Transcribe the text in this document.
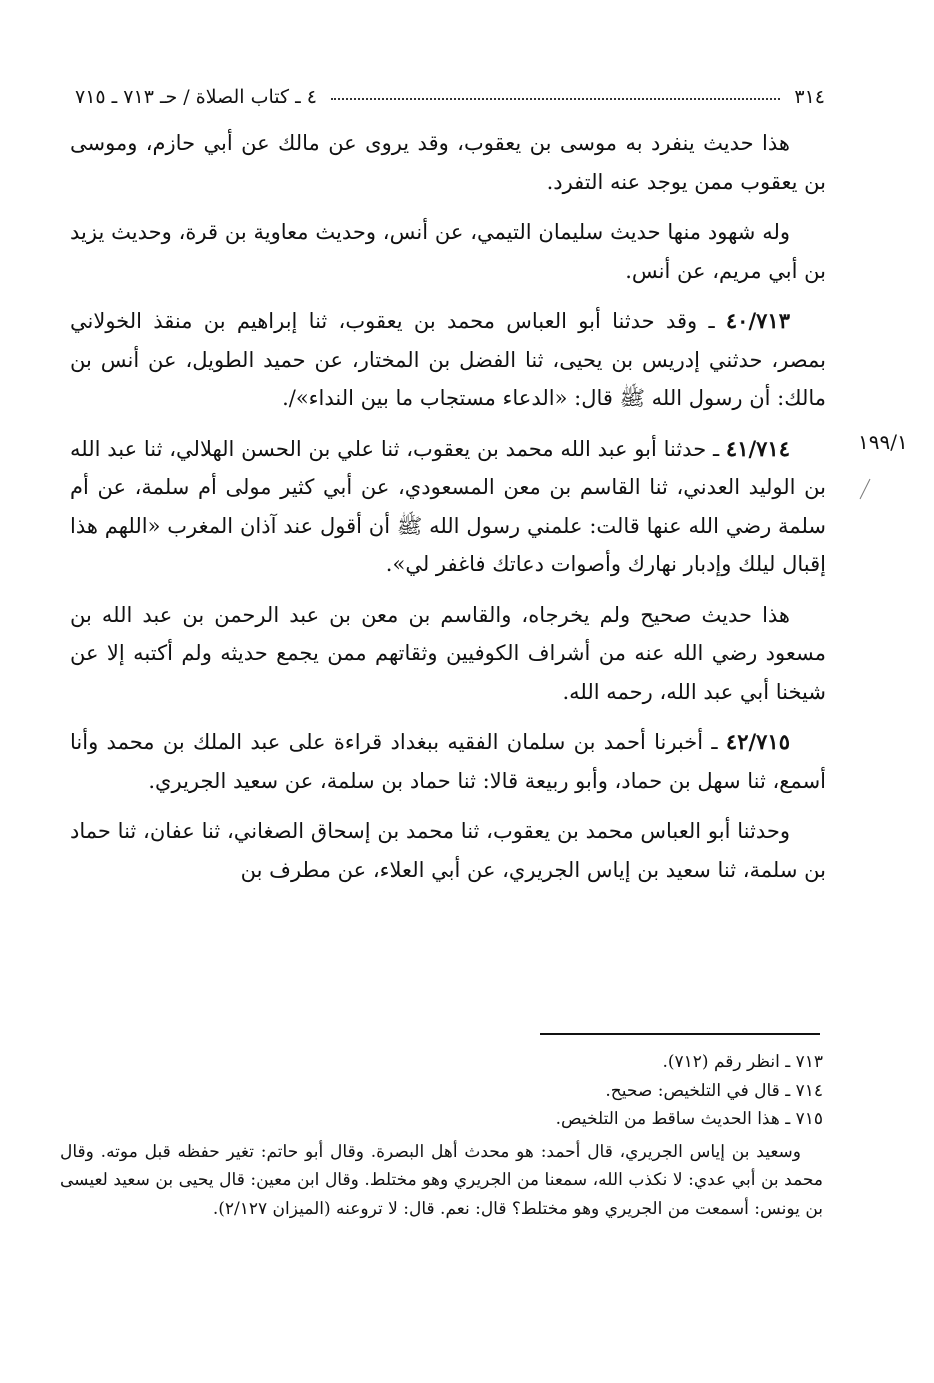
٣١٤
٤ ـ كتاب الصلاة / حـ ٧١٣ ـ ٧١٥

هذا حديث ينفرد به موسى بن يعقوب، وقد يروى عن مالك عن أبي حازم، وموسى بن يعقوب ممن يوجد عنه التفرد.

وله شهود منها حديث سليمان التيمي، عن أنس، وحديث معاوية بن قرة، وحديث يزيد بن أبي مريم، عن أنس.

٤٠/٧١٣ ـ وقد حدثنا أبو العباس محمد بن يعقوب، ثنا إبراهيم بن منقذ الخولاني بمصر، حدثني إدريس بن يحيى، ثنا الفضل بن المختار، عن حميد الطويل، عن أنس بن مالك: أن رسول الله ﷺ قال: «الدعاء مستجاب ما بين النداء»/.

٤١/٧١٤ ـ حدثنا أبو عبد الله محمد بن يعقوب، ثنا علي بن الحسن الهلالي، ثنا عبد الله بن الوليد العدني، ثنا القاسم بن معن المسعودي، عن أبي كثير مولى أم سلمة، عن أم سلمة رضي الله عنها قالت: علمني رسول الله ﷺ أن أقول عند آذان المغرب «اللهم هذا إقبال ليلك وإدبار نهارك وأصوات دعاتك فاغفر لي».

هذا حديث صحيح ولم يخرجاه، والقاسم بن معن بن عبد الرحمن بن عبد الله بن مسعود رضي الله عنه من أشراف الكوفيين وثقاتهم ممن يجمع حديثه ولم أكتبه إلا عن شيخنا أبي عبد الله، رحمه الله.

٤٢/٧١٥ ـ أخبرنا أحمد بن سلمان الفقيه ببغداد قراءة على عبد الملك بن محمد وأنا أسمع، ثنا سهل بن حماد، وأبو ربيعة قالا: ثنا حماد بن سلمة، عن سعيد الجريري.

وحدثنا أبو العباس محمد بن يعقوب، ثنا محمد بن إسحاق الصغاني، ثنا عفان، ثنا حماد بن سلمة، ثنا سعيد بن إياس الجريري، عن أبي العلاء، عن مطرف بن

١٩٩/١

٧١٣ ـ انظر رقم (٧١٢).

٧١٤ ـ قال في التلخيص: صحيح.

٧١٥ ـ هذا الحديث ساقط من التلخيص.

وسعيد بن إياس الجريري، قال أحمد: هو محدث أهل البصرة. وقال أبو حاتم: تغير حفظه قبل موته. وقال محمد بن أبي عدي: لا نكذب الله، سمعنا من الجريري وهو مختلط. وقال ابن معين: قال يحيى بن سعيد لعيسى بن يونس: أسمعت من الجريري وهو مختلط؟ قال: نعم. قال: لا تروعنه (الميزان ٢/١٢٧).
